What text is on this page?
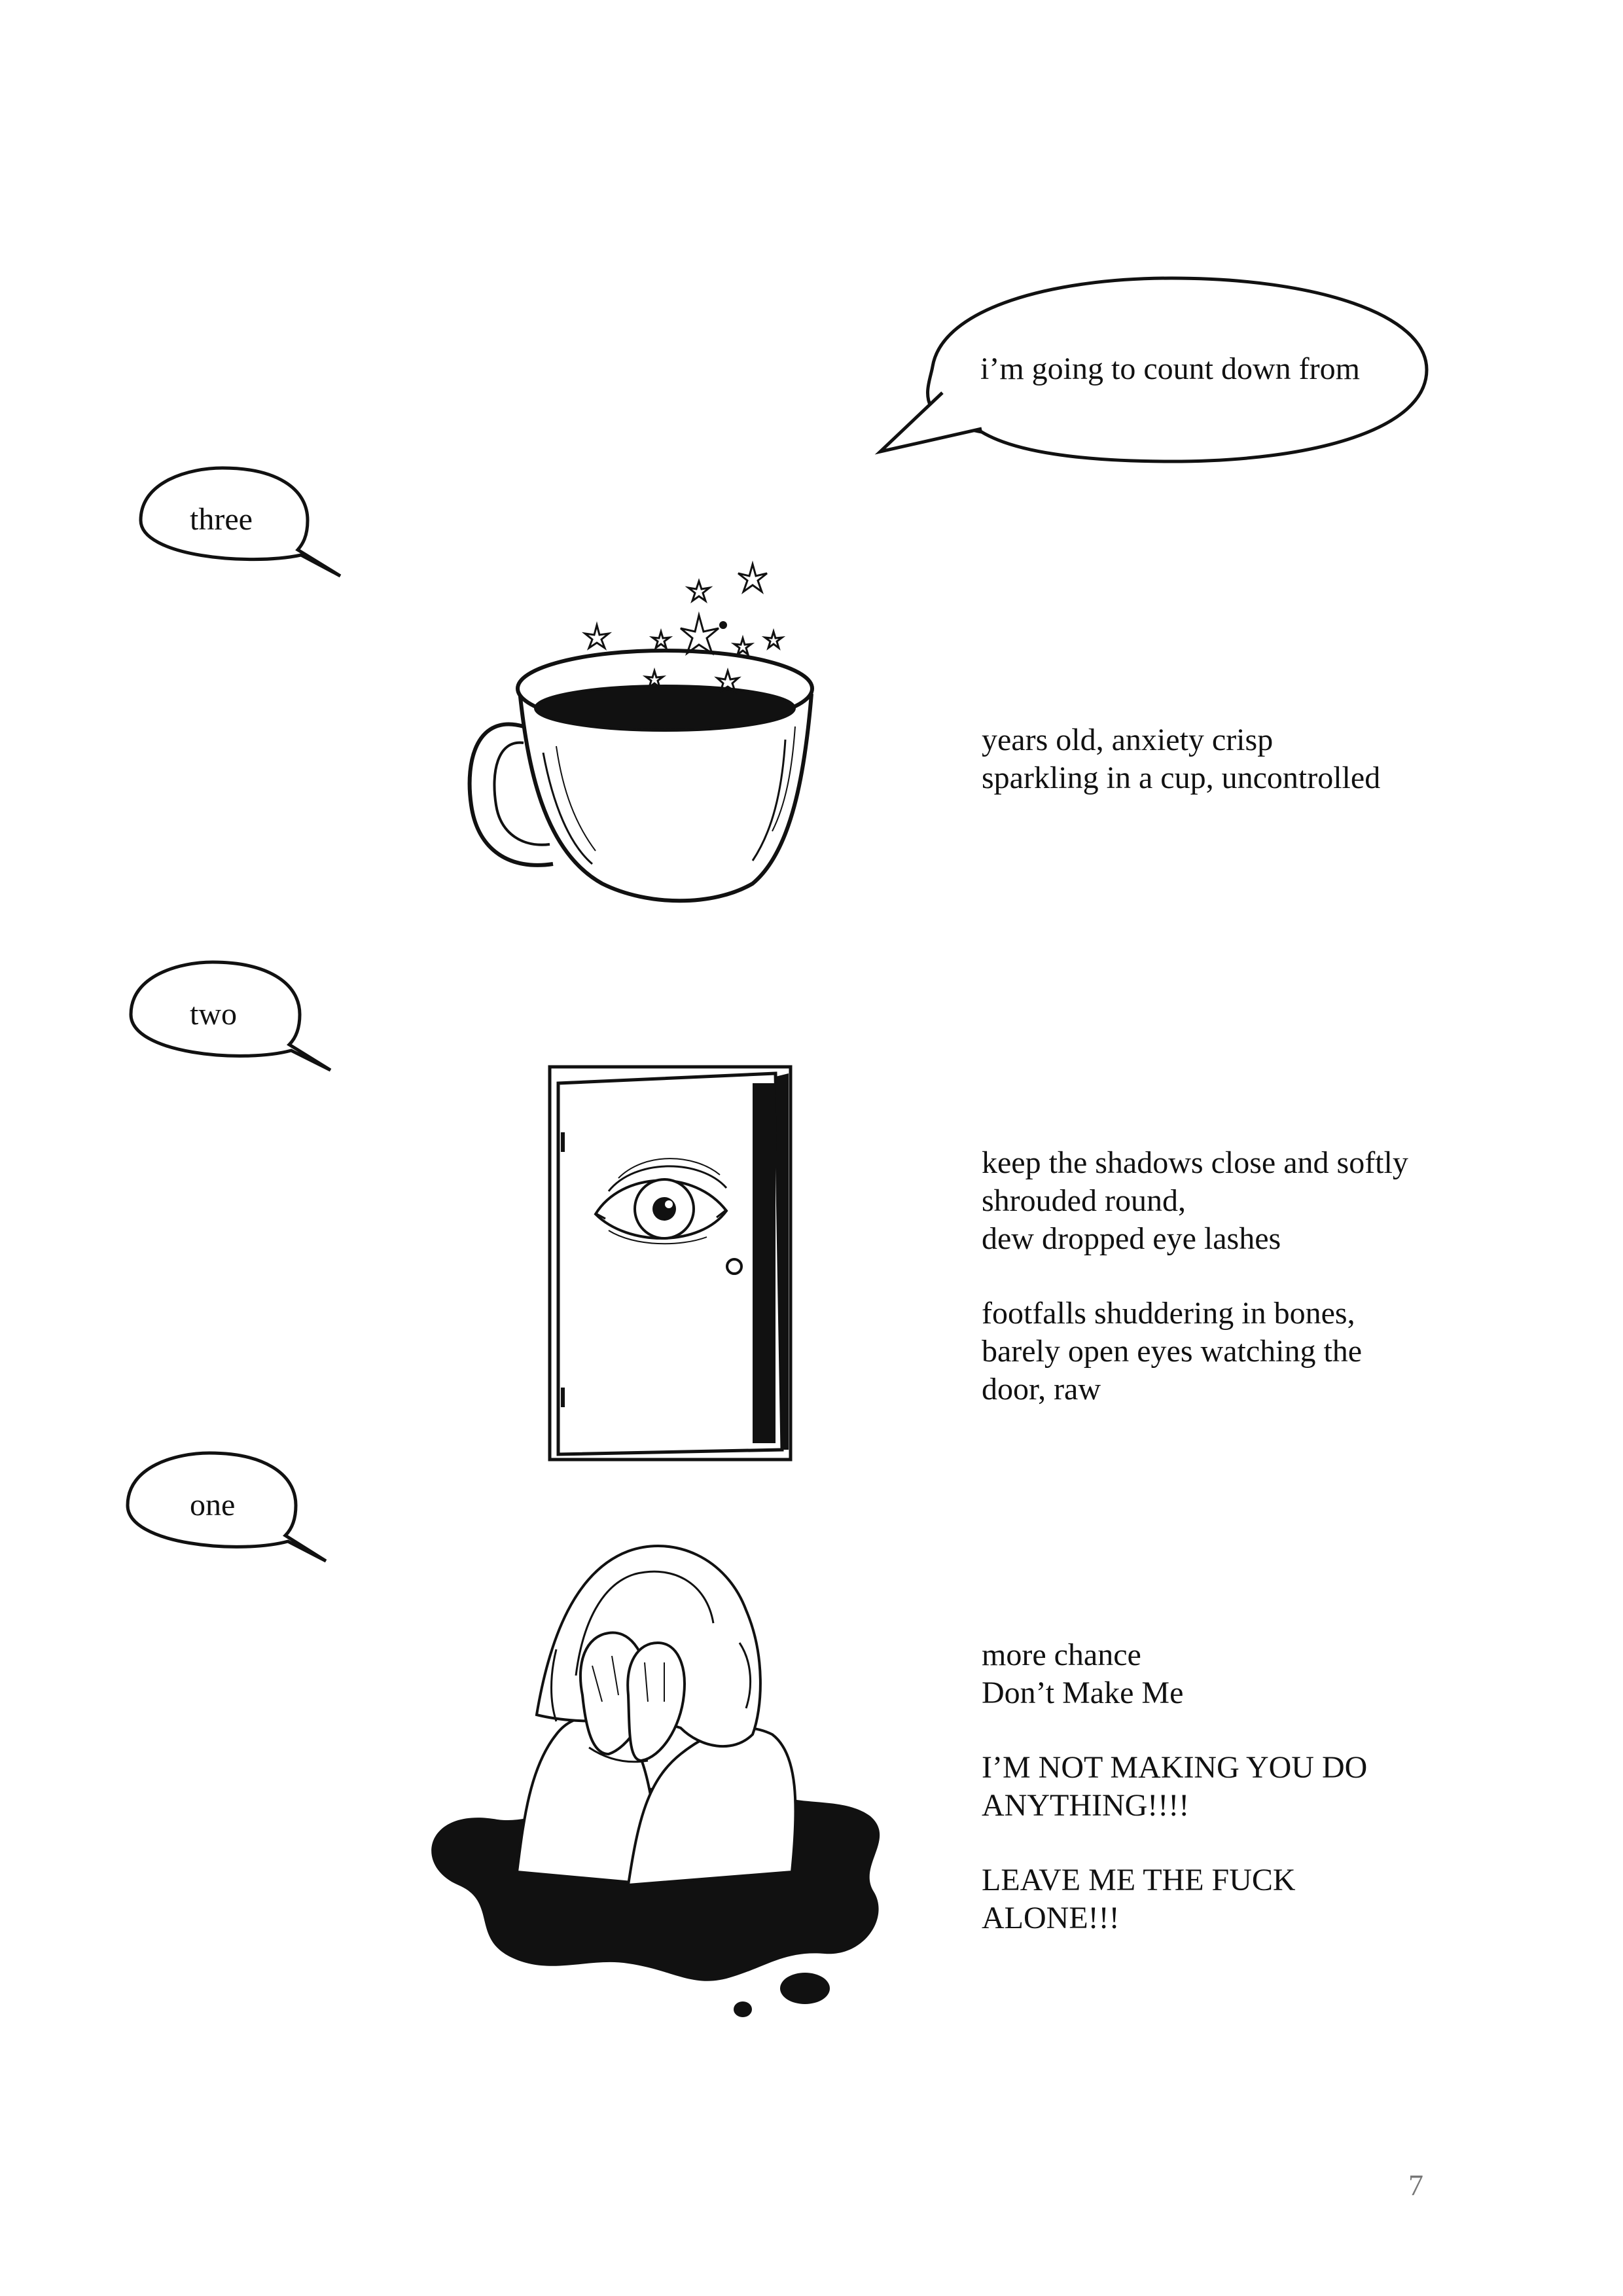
i’m going to count down from
three
two
one

years old, anxiety crisp

sparkling in a cup, uncontrolled

keep the shadows close and softly

shrouded round,

dew dropped eye lashes

footfalls shuddering in bones,

barely open eyes watching the

door, raw

more chance

Don’t Make Me

I’M NOT MAKING YOU DO

ANYTHING!!!!

LEAVE ME THE FUCK

ALONE!!!

7
